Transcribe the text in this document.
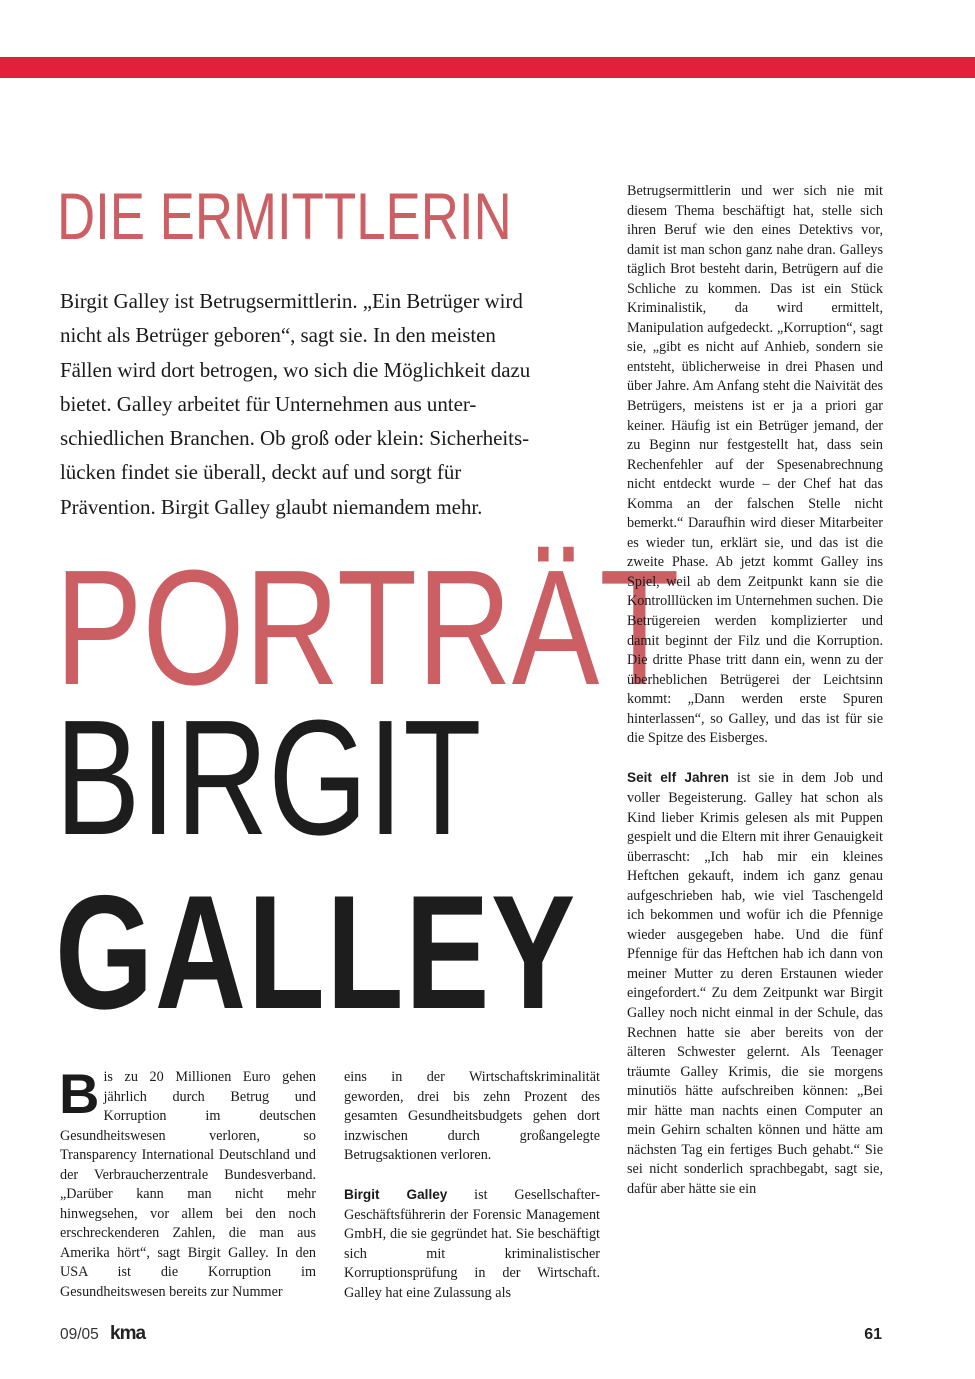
DIE ERMITTLERIN
Birgit Galley ist Betrugsermittlerin. „Ein Betrüger wird
nicht als Betrüger geboren“, sagt sie. In den meisten
Fällen wird dort betrogen, wo sich die Möglichkeit dazu
bietet. Galley arbeitet für Unternehmen aus unter-
schiedlichen Branchen. Ob groß oder klein: Sicherheits-
lücken findet sie überall, deckt auf und sorgt für
Prävention. Birgit Galley glaubt niemandem mehr.
PORTRÄT
BIRGIT
GALLEY

Bis zu 20 Millionen Euro gehen jährlich durch Betrug und Korruption im deutschen Gesundheitswesen verloren, so Transparency International Deutschland und der Verbraucherzentrale Bundesverband. „Darüber kann man nicht mehr hinwegsehen, vor allem bei den noch erschreckenderen Zahlen, die man aus Amerika hört“, sagt Birgit Galley. In den USA ist die Korruption im Gesundheitswesen bereits zur Nummer

eins in der Wirtschaftskriminalität geworden, drei bis zehn Prozent des gesamten Gesundheitsbudgets gehen dort inzwischen durch großangelegte Betrugsaktionen verloren.

Birgit Galley ist Gesellschafter-Geschäftsführerin der Forensic Management GmbH, die sie gegründet hat. Sie beschäftigt sich mit kriminalistischer Korruptionsprüfung in der Wirtschaft. Galley hat eine Zulassung als

Betrugsermittlerin und wer sich nie mit diesem Thema beschäftigt hat, stelle sich ihren Beruf wie den eines Detektivs vor, damit ist man schon ganz nahe dran. Galleys täglich Brot besteht darin, Betrügern auf die Schliche zu kommen. Das ist ein Stück Kriminalistik, da wird ermittelt, Manipulation aufgedeckt. „Korruption“, sagt sie, „gibt es nicht auf Anhieb, sondern sie entsteht, üblicherweise in drei Phasen und über Jahre. Am Anfang steht die Naivität des Betrügers, meistens ist er ja a priori gar keiner. Häufig ist ein Betrüger jemand, der zu Beginn nur festgestellt hat, dass sein Rechenfehler auf der Spesenabrechnung nicht entdeckt wurde – der Chef hat das Komma an der falschen Stelle nicht bemerkt.“ Daraufhin wird dieser Mitarbeiter es wieder tun, erklärt sie, und das ist die zweite Phase. Ab jetzt kommt Galley ins Spiel, weil ab dem Zeitpunkt kann sie die Kontrolllücken im Unternehmen suchen. Die Betrügereien werden komplizierter und damit beginnt der Filz und die Korruption. Die dritte Phase tritt dann ein, wenn zu der überheblichen Betrügerei der Leichtsinn kommt: „Dann werden erste Spuren hinterlassen“, so Galley, und das ist für sie die Spitze des Eisberges.

Seit elf Jahren ist sie in dem Job und voller Begeisterung. Galley hat schon als Kind lieber Krimis gelesen als mit Puppen gespielt und die Eltern mit ihrer Genauigkeit überrascht: „Ich hab mir ein kleines Heftchen gekauft, indem ich ganz genau aufgeschrieben hab, wie viel Taschengeld ich bekommen und wofür ich die Pfennige wieder ausgegeben habe. Und die fünf Pfennige für das Heftchen hab ich dann von meiner Mutter zu deren Erstaunen wieder eingefordert.“ Zu dem Zeitpunkt war Birgit Galley noch nicht einmal in der Schule, das Rechnen hatte sie aber bereits von der älteren Schwester gelernt. Als Teenager träumte Galley Krimis, die sie morgens minutiös hätte aufschreiben können: „Bei mir hätte man nachts einen Computer an mein Gehirn schalten können und hätte am nächsten Tag ein fertiges Buch gehabt.“ Sie sei nicht sonderlich sprachbegabt, sagt sie, dafür aber hätte sie ein

09/05 kma	61
